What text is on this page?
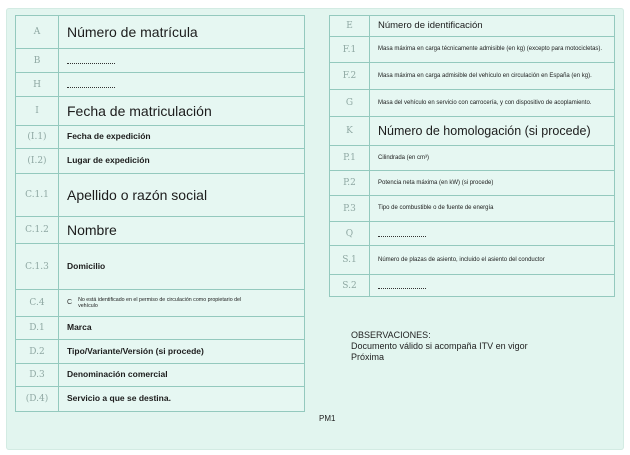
A	Número de matrícula
B
H
I	Fecha de matriculación
(I.1)	Fecha de expedición
(I.2)	Lugar de expedición
C.1.1	Apellido o razón social
C.1.2	Nombre
C.1.3	Domicilio
C.4	C No está identificado en el permiso de circulación como propietario del vehículo
D.1	Marca
D.2	Tipo/Variante/Versión (si procede)
D.3	Denominación comercial
(D.4)	Servicio a que se destina.
E	Número de identificación
F.1	Masa máxima en carga técnicamente admisible (en kg) (excepto para motocicletas).
F.2	Masa máxima en carga admisible del vehículo en circulación en España (en kg).
G	Masa del vehículo en servicio con carrocería, y con dispositivo de acoplamiento.
K	Número de homologación (si procede)
P.1	Cilindrada (en cm³)
P.2	Potencia neta máxima (en kW) (si procede)
P.3	Tipo de combustible o de fuente de energía
Q
S.1	Número de plazas de asiento, incluido el asiento del conductor
S.2
OBSERVACIONES:
Documento válido si acompaña ITV en vigor
Próxima
PM1
